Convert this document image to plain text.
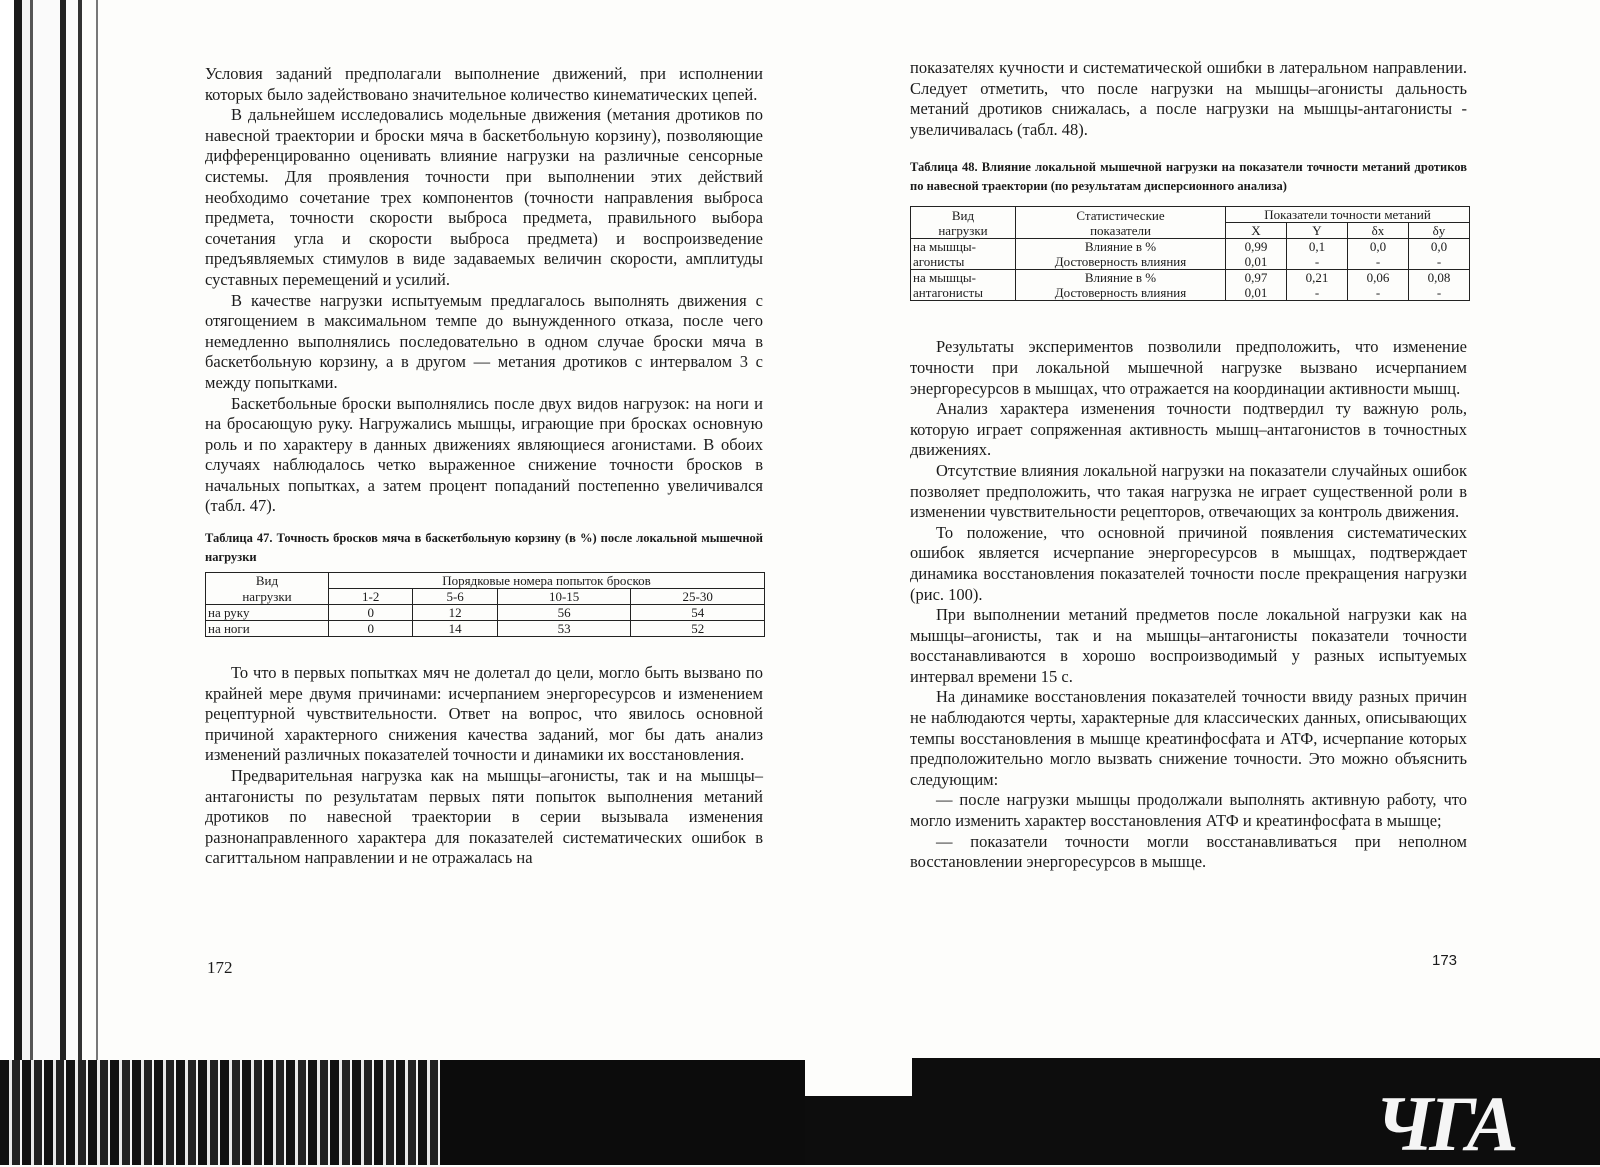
ЧГА

Условия заданий предполагали выполнение движений, при исполнении которых было задействовано значительное количество кинематических цепей.

В дальнейшем исследовались модельные движения (метания дротиков по навесной траектории и броски мяча в баскетбольную корзину), позволяющие дифференцированно оценивать влияние нагрузки на различные сенсорные системы. Для проявления точности при выполнении этих действий необходимо сочетание трех компонентов (точности направления выброса предмета, точности скорости выброса предмета, правильного выбора сочетания угла и скорости выброса предмета) и воспроизведение предъявляемых стимулов в виде задаваемых величин скорости, амплитуды суставных перемещений и усилий.

В качестве нагрузки испытуемым предлагалось выполнять движения с отягощением в максимальном темпе до вынужденного отказа, после чего немедленно выполнялись последовательно в одном случае броски мяча в баскетбольную корзину, а в другом — метания дротиков с интервалом 3 с между попытками.

Баскетбольные броски выполнялись после двух видов нагрузок: на ноги и на бросающую руку. Нагружались мышцы, играющие при бросках основную роль и по характеру в данных движениях являющиеся агонистами. В обоих случаях наблюдалось четко выраженное снижение точности бросков в начальных попытках, а затем процент попаданий постепенно увеличивался (табл. 47).

Таблица 47. Точность бросков мяча в баскетбольную корзину (в %) после локальной мышечной нагрузки

Вид	Порядковые номера попыток бросков			
нагрузки	1-2	5-6	10-15	25-30
на руку	0	12	56	54
на ноги	0	14	53	52

То что в первых попытках мяч не долетал до цели, могло быть вызвано по крайней мере двумя причинами: исчерпанием энергоресурсов и изменением рецептурной чувствительности. Ответ на вопрос, что явилось основной причиной характерного снижения качества заданий, мог бы дать анализ изменений различных показателей точности и динамики их восстановления.

Предварительная нагрузка как на мышцы–агонисты, так и на мышцы–антагонисты по результатам первых пяти попыток выполнения метаний дротиков по навесной траектории в серии вызывала изменения разнонаправленного характера для показателей систематических ошибок в сагиттальном направлении и не отражалась на

172

показателях кучности и систематической ошибки в латеральном направлении. Следует отметить, что после нагрузки на мышцы–агонисты дальность метаний дротиков снижалась, а после нагрузки на мышцы-антагонисты - увеличивалась (табл. 48).

Таблица 48. Влияние локальной мышечной нагрузки на показатели точности метаний дротиков по навесной траектории (по результатам дисперсионного анализа)

Вид	Статистические	Показатели точности метаний			
нагрузки	показатели	X	Y	δx	δy
на мышцы-	Влияние в %	0,99	0,1	0,0	0,0
агонисты	Достоверность влияния	0,01	-	-	-
на мышцы-	Влияние в %	0,97	0,21	0,06	0,08
антагонисты	Достоверность влияния	0,01	-	-	-

Результаты экспериментов позволили предположить, что изменение точности при локальной мышечной нагрузке вызвано исчерпанием энергоресурсов в мышцах, что отражается на координации активности мышц.

Анализ характера изменения точности подтвердил ту важную роль, которую играет сопряженная активность мышц–антагонистов в точностных движениях.

Отсутствие влияния локальной нагрузки на показатели случайных ошибок позволяет предположить, что такая нагрузка не играет существенной роли в изменении чувствительности рецепторов, отвечающих за контроль движения.

То положение, что основной причиной появления систематических ошибок является исчерпание энергоресурсов в мышцах, подтверждает динамика восстановления показателей точности после прекращения нагрузки (рис. 100).

При выполнении метаний предметов после локальной нагрузки как на мышцы–агонисты, так и на мышцы–антагонисты показатели точности восстанавливаются в хорошо воспроизводимый у разных испытуемых интервал времени 15 с.

На динамике восстановления показателей точности ввиду разных причин не наблюдаются черты, характерные для классических данных, описывающих темпы восстановления в мышце креатинфосфата и АТФ, исчерпание которых предположительно могло вызвать снижение точности. Это можно объяснить следующим:

— после нагрузки мышцы продолжали выполнять активную работу, что могло изменить характер восстановления АТФ и креатинфосфата в мышце;

— показатели точности могли восстанавливаться при неполном восстановлении энергоресурсов в мышце.

173
